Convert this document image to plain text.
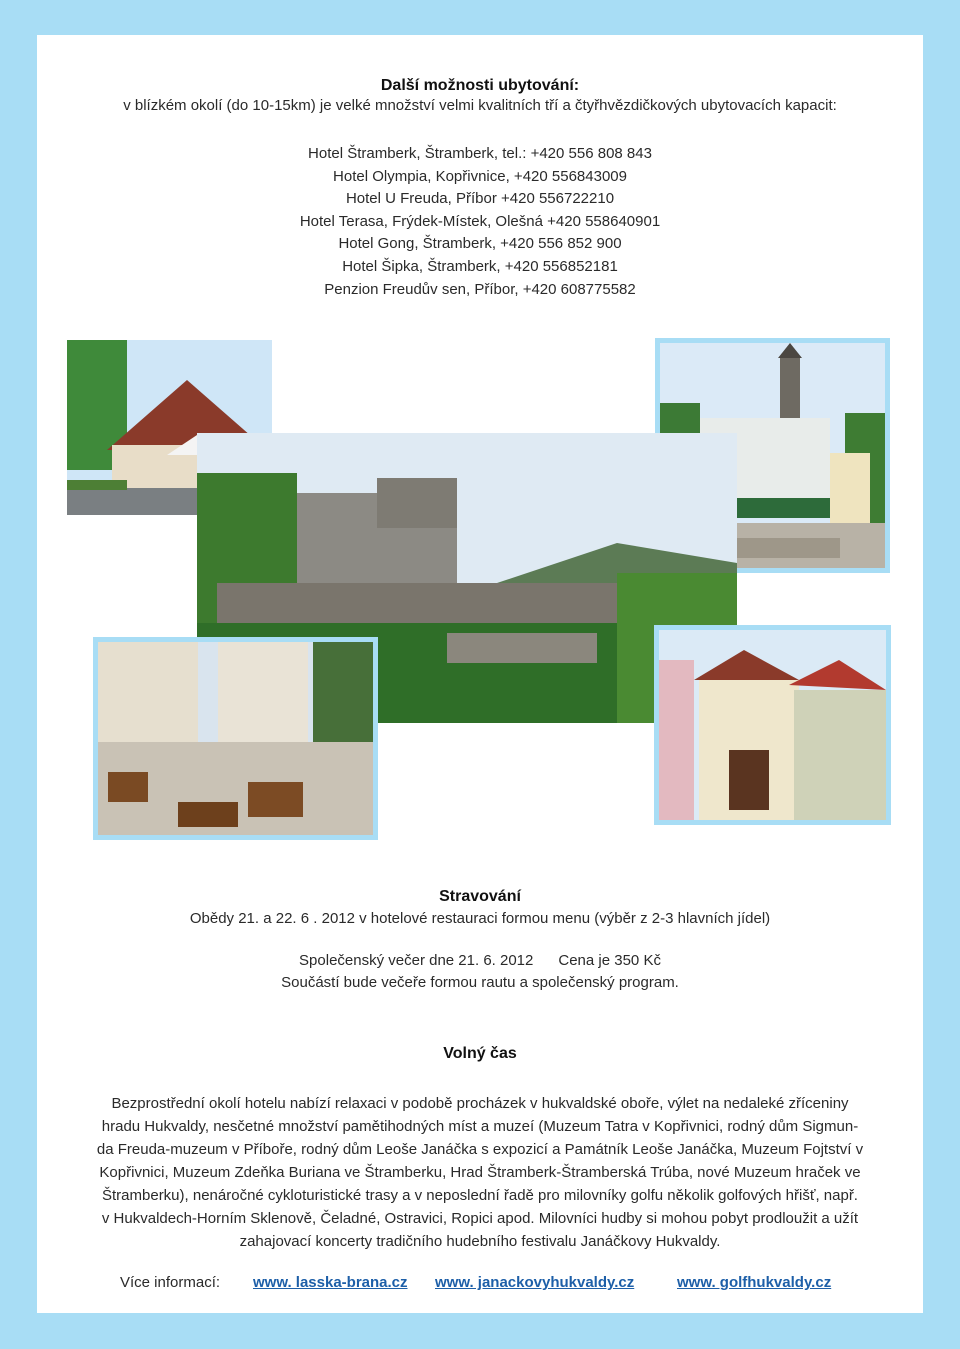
Další možnosti ubytování:
v blízkém okolí (do 10-15km) je velké množství velmi kvalitních tří a čtyřhvězdičkových ubytovacích kapacit:
Hotel Štramberk, Štramberk, tel.: +420 556 808 843
Hotel Olympia, Kopřivnice, +420 556843009
Hotel U Freuda, Příbor +420 556722210
Hotel Terasa, Frýdek-Místek, Olešná +420 558640901
Hotel Gong, Štramberk, +420 556 852 900
Hotel Šipka, Štramberk, +420 556852181
Penzion Freudův sen, Příbor, +420 608775582
Stravování
Obědy 21. a 22. 6 . 2012 v hotelové restauraci formou menu (výběr z 2-3 hlavních jídel)
Společenský večer dne 21. 6. 2012      Cena je 350 Kč
Součástí bude večeře formou rautu a společenský program.
Volný čas
Bezprostřední okolí hotelu nabízí relaxaci v podobě procházek v hukvaldské oboře, výlet na nedaleké zříceniny
hradu Hukvaldy, nesčetné množství pamětihodných míst a muzeí (Muzeum Tatra v Kopřivnici, rodný dům Sigmun-
da Freuda-muzeum v Příboře, rodný dům Leoše Janáčka s expozicí a Památník Leoše Janáčka, Muzeum Fojtství v
Kopřivnici, Muzeum Zdeňka Buriana ve Štramberku, Hrad Štramberk-Štramberská Trúba, nové Muzeum hraček ve
Štramberku), nenáročné cykloturistické trasy a v neposlední řadě pro milovníky golfu několik golfových hřišť, např.
v Hukvaldech-Horním Sklenově, Čeladné, Ostravici, Ropici apod. Milovníci hudby si mohou pobyt prodloužit a užít
zahajovací koncerty tradičního hudebního festivalu Janáčkovy Hukvaldy.
Více informací: www. lasska-brana.cz www. janackovyhukvaldy.cz	www. golfhukvaldy.cz
